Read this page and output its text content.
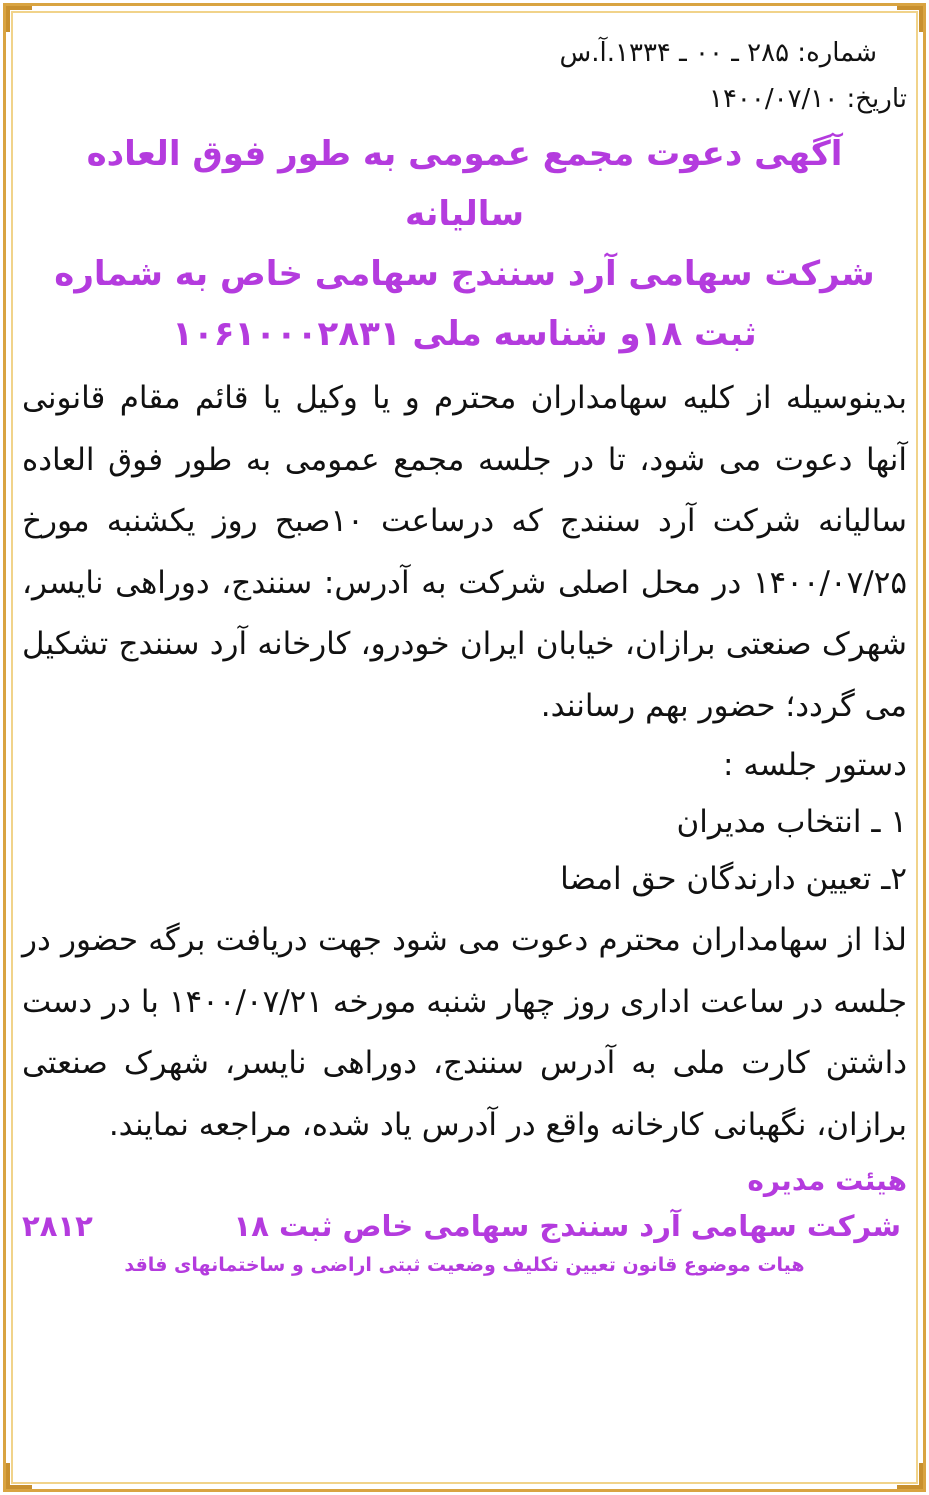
شماره: ۲۸۵ ـ ۰۰ ـ ۱۳۳۴.آ.س
تاریخ: ۱۴۰۰/۰۷/۱۰
آگهی دعوت مجمع عمومی به طور فوق العاده سالیانه
شرکت سهامی آرد سنندج سهامی خاص به شماره
ثبت ۱۸و شناسه ملی ۱۰۶۱۰۰۰۲۸۳۱
بدینوسیله از کلیه سهامداران محترم و یا وکیل یا قائم مقام قانونی آنها دعوت می شود، تا در جلسه مجمع عمومی به طور فوق العاده سالیانه شرکت آرد سنندج که درساعت ۱۰صبح روز یکشنبه مورخ ۱۴۰۰/۰۷/۲۵ در محل اصلی شرکت به آدرس: سنندج، دوراهی نایسر، شهرک صنعتی برازان، خیابان ایران خودرو، کارخانه آرد سنندج تشکیل می گردد؛ حضور بهم رسانند.
دستور جلسه :
۱ ـ انتخاب مدیران
۲ـ تعیین دارندگان حق امضا
لذا از سهامداران محترم دعوت می شود جهت دریافت برگه حضور در جلسه در ساعت اداری روز چهار شنبه مورخه ۱۴۰۰/۰۷/۲۱ با در دست داشتن کارت ملی به آدرس سنندج، دوراهی نایسر، شهرک صنعتی برازان، نگهبانی کارخانه واقع در آدرس یاد شده، مراجعه نمایند.
هیئت مدیره
شرکت سهامی آرد سنندج سهامی خاص ثبت ۱۸
۲۸۱۲
هیات موضوع قانون تعیین تکلیف وضعیت ثبتی اراضی و ساختمانهای فاقد
